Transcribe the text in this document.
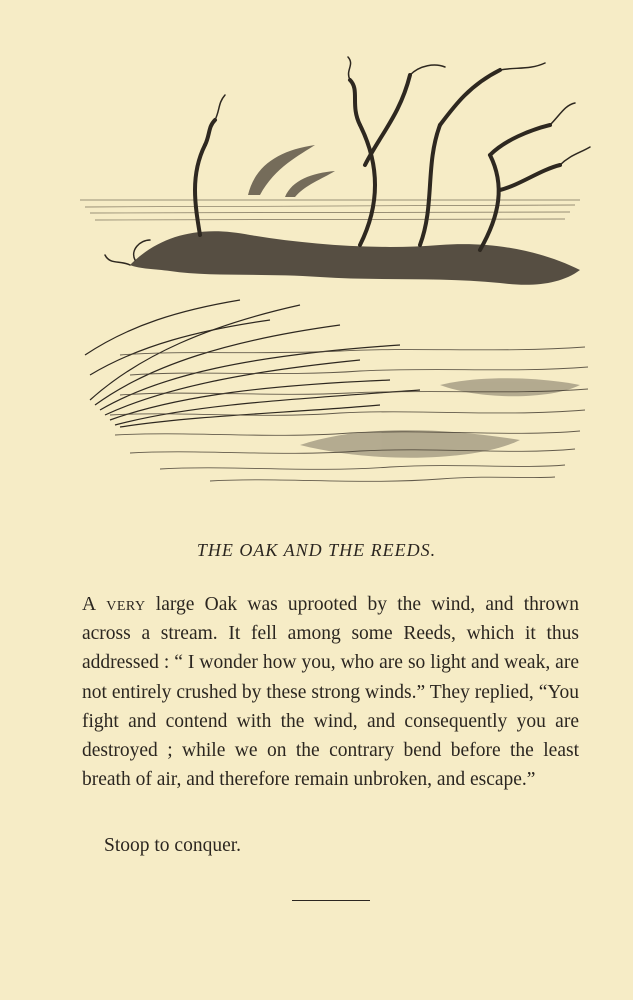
THE OAK AND THE REEDS.

A very large Oak was uprooted by the wind, and thrown across a stream. It fell among some Reeds, which it thus addressed : “ I wonder how you, who are so light and weak, are not entirely crushed by these strong winds.” They replied, “You fight and contend with the wind, and consequently you are destroyed ; while we on the contrary bend before the least breath of air, and therefore remain unbroken, and escape.”

Stoop to conquer.
